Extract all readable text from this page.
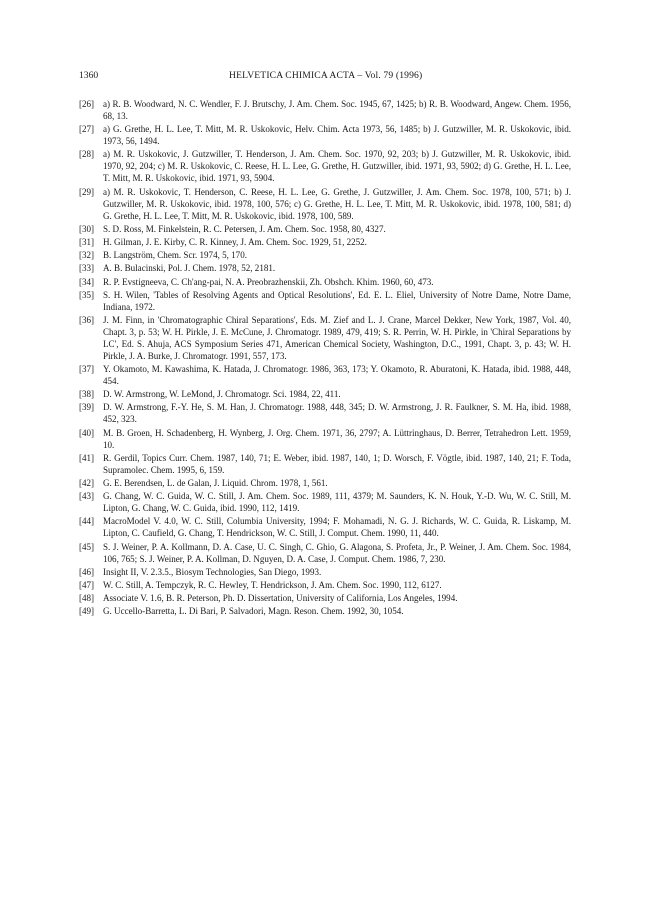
1360	HELVETICA CHIMICA ACTA – Vol. 79 (1996)
[26] a) R. B. Woodward, N. C. Wendler, F. J. Brutschy, J. Am. Chem. Soc. 1945, 67, 1425; b) R. B. Woodward, Angew. Chem. 1956, 68, 13.
[27] a) G. Grethe, H. L. Lee, T. Mitt, M. R. Uskokovic, Helv. Chim. Acta 1973, 56, 1485; b) J. Gutzwiller, M. R. Uskokovic, ibid. 1973, 56, 1494.
[28] a) M. R. Uskokovic, J. Gutzwiller, T. Henderson, J. Am. Chem. Soc. 1970, 92, 203; b) J. Gutzwiller, M. R. Uskokovic, ibid. 1970, 92, 204; c) M. R. Uskokovic, C. Reese, H. L. Lee, G. Grethe, H. Gutzwiller, ibid. 1971, 93, 5902; d) G. Grethe, H. L. Lee, T. Mitt, M. R. Uskokovic, ibid. 1971, 93, 5904.
[29] a) M. R. Uskokovic, T. Henderson, C. Reese, H. L. Lee, G. Grethe, J. Gutzwiller, J. Am. Chem. Soc. 1978, 100, 571; b) J. Gutzwiller, M. R. Uskokovic, ibid. 1978, 100, 576; c) G. Grethe, H. L. Lee, T. Mitt, M. R. Uskokovic, ibid. 1978, 100, 581; d) G. Grethe, H. L. Lee, T. Mitt, M. R. Uskokovic, ibid. 1978, 100, 589.
[30] S. D. Ross, M. Finkelstein, R. C. Petersen, J. Am. Chem. Soc. 1958, 80, 4327.
[31] H. Gilman, J. E. Kirby, C. R. Kinney, J. Am. Chem. Soc. 1929, 51, 2252.
[32] B. Langström, Chem. Scr. 1974, 5, 170.
[33] A. B. Bulacinski, Pol. J. Chem. 1978, 52, 2181.
[34] R. P. Evstigneeva, C. Ch'ang-pai, N. A. Preobrazhenskii, Zh. Obshch. Khim. 1960, 60, 473.
[35] S. H. Wilen, 'Tables of Resolving Agents and Optical Resolutions', Ed. E. L. Eliel, University of Notre Dame, Notre Dame, Indiana, 1972.
[36] J. M. Finn, in 'Chromatographic Chiral Separations', Eds. M. Zief and L. J. Crane, Marcel Dekker, New York, 1987, Vol. 40, Chapt. 3, p. 53; W. H. Pirkle, J. E. McCune, J. Chromatogr. 1989, 479, 419; S. R. Perrin, W. H. Pirkle, in 'Chiral Separations by LC', Ed. S. Ahuja, ACS Symposium Series 471, American Chemical Society, Washington, D.C., 1991, Chapt. 3, p. 43; W. H. Pirkle, J. A. Burke, J. Chromatogr. 1991, 557, 173.
[37] Y. Okamoto, M. Kawashima, K. Hatada, J. Chromatogr. 1986, 363, 173; Y. Okamoto, R. Aburatoni, K. Hatada, ibid. 1988, 448, 454.
[38] D. W. Armstrong, W. LeMond, J. Chromatogr. Sci. 1984, 22, 411.
[39] D. W. Armstrong, F.-Y. He, S. M. Han, J. Chromatogr. 1988, 448, 345; D. W. Armstrong, J. R. Faulkner, S. M. Ha, ibid. 1988, 452, 323.
[40] M. B. Groen, H. Schadenberg, H. Wynberg, J. Org. Chem. 1971, 36, 2797; A. Lüttringhaus, D. Berrer, Tetrahedron Lett. 1959, 10.
[41] R. Gerdil, Topics Curr. Chem. 1987, 140, 71; E. Weber, ibid. 1987, 140, 1; D. Worsch, F. Vögtle, ibid. 1987, 140, 21; F. Toda, Supramolec. Chem. 1995, 6, 159.
[42] G. E. Berendsen, L. de Galan, J. Liquid. Chrom. 1978, 1, 561.
[43] G. Chang, W. C. Guida, W. C. Still, J. Am. Chem. Soc. 1989, 111, 4379; M. Saunders, K. N. Houk, Y.-D. Wu, W. C. Still, M. Lipton, G. Chang, W. C. Guida, ibid. 1990, 112, 1419.
[44] MacroModel V. 4.0, W. C. Still, Columbia University, 1994; F. Mohamadi, N. G. J. Richards, W. C. Guida, R. Liskamp, M. Lipton, C. Caufield, G. Chang, T. Hendrickson, W. C. Still, J. Comput. Chem. 1990, 11, 440.
[45] S. J. Weiner, P. A. Kollmann, D. A. Case, U. C. Singh, C. Ghio, G. Alagona, S. Profeta, Jr., P. Weiner, J. Am. Chem. Soc. 1984, 106, 765; S. J. Weiner, P. A. Kollman, D. Nguyen, D. A. Case, J. Comput. Chem. 1986, 7, 230.
[46] Insight II, V. 2.3.5., Biosym Technologies, San Diego, 1993.
[47] W. C. Still, A. Tempczyk, R. C. Hewley, T. Hendrickson, J. Am. Chem. Soc. 1990, 112, 6127.
[48] Associate V. 1.6, B. R. Peterson, Ph. D. Dissertation, University of California, Los Angeles, 1994.
[49] G. Uccello-Barretta, L. Di Bari, P. Salvadori, Magn. Reson. Chem. 1992, 30, 1054.
